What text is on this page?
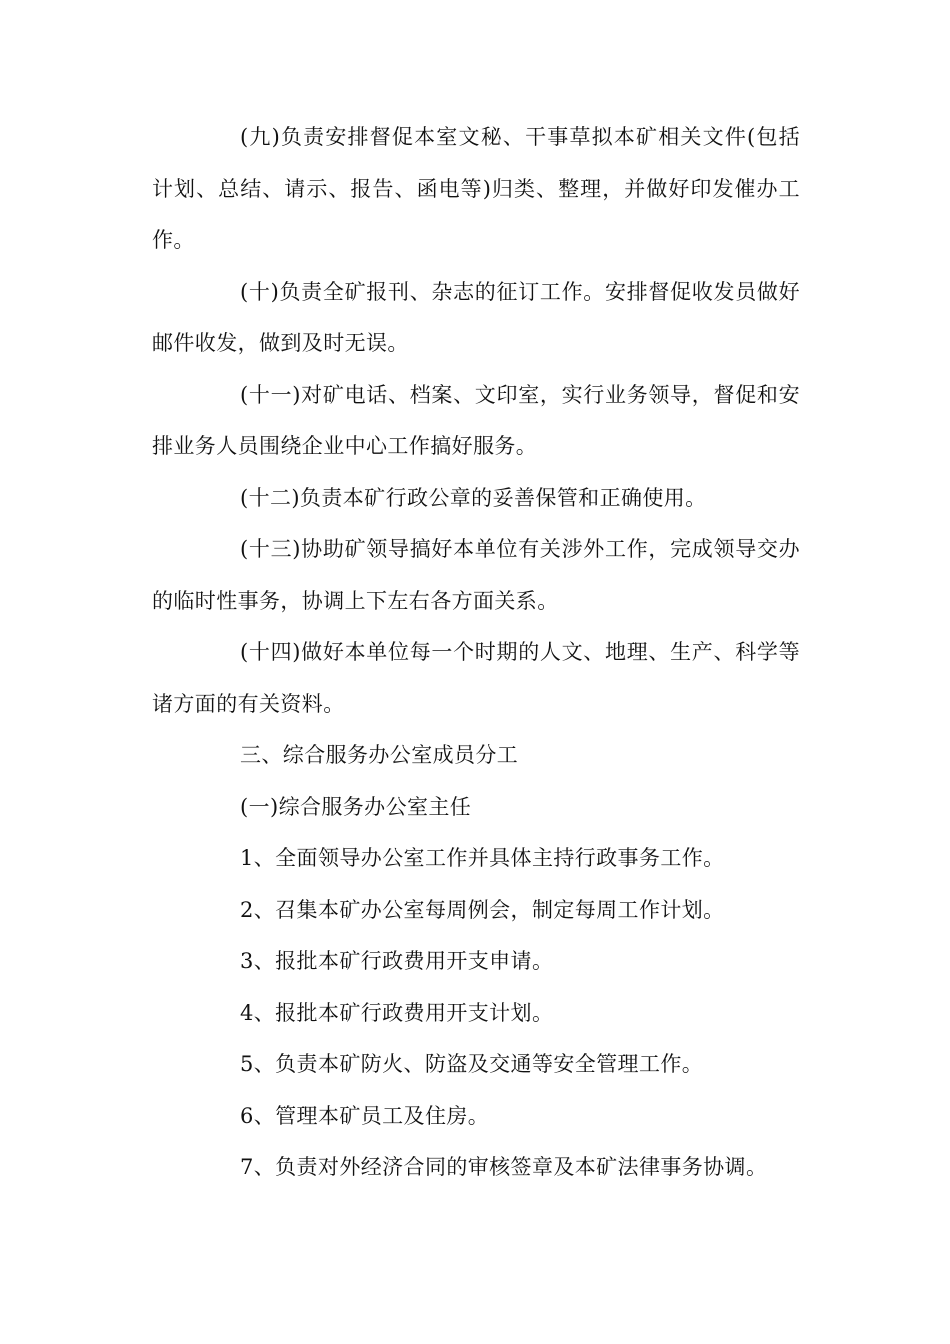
(九)负责安排督促本室文秘、干事草拟本矿相关文件(包括计划、总结、请示、报告、函电等)归类、整理，并做好印发催办工作。

(十)负责全矿报刊、杂志的征订工作。安排督促收发员做好邮件收发，做到及时无误。

(十一)对矿电话、档案、文印室，实行业务领导，督促和安排业务人员围绕企业中心工作搞好服务。

(十二)负责本矿行政公章的妥善保管和正确使用。

(十三)协助矿领导搞好本单位有关涉外工作，完成领导交办的临时性事务，协调上下左右各方面关系。

(十四)做好本单位每一个时期的人文、地理、生产、科学等诸方面的有关资料。

三、综合服务办公室成员分工

(一)综合服务办公室主任

1、全面领导办公室工作并具体主持行政事务工作。

2、召集本矿办公室每周例会，制定每周工作计划。

3、报批本矿行政费用开支申请。

4、报批本矿行政费用开支计划。

5、负责本矿防火、防盗及交通等安全管理工作。

6、管理本矿员工及住房。

7、负责对外经济合同的审核签章及本矿法律事务协调。
